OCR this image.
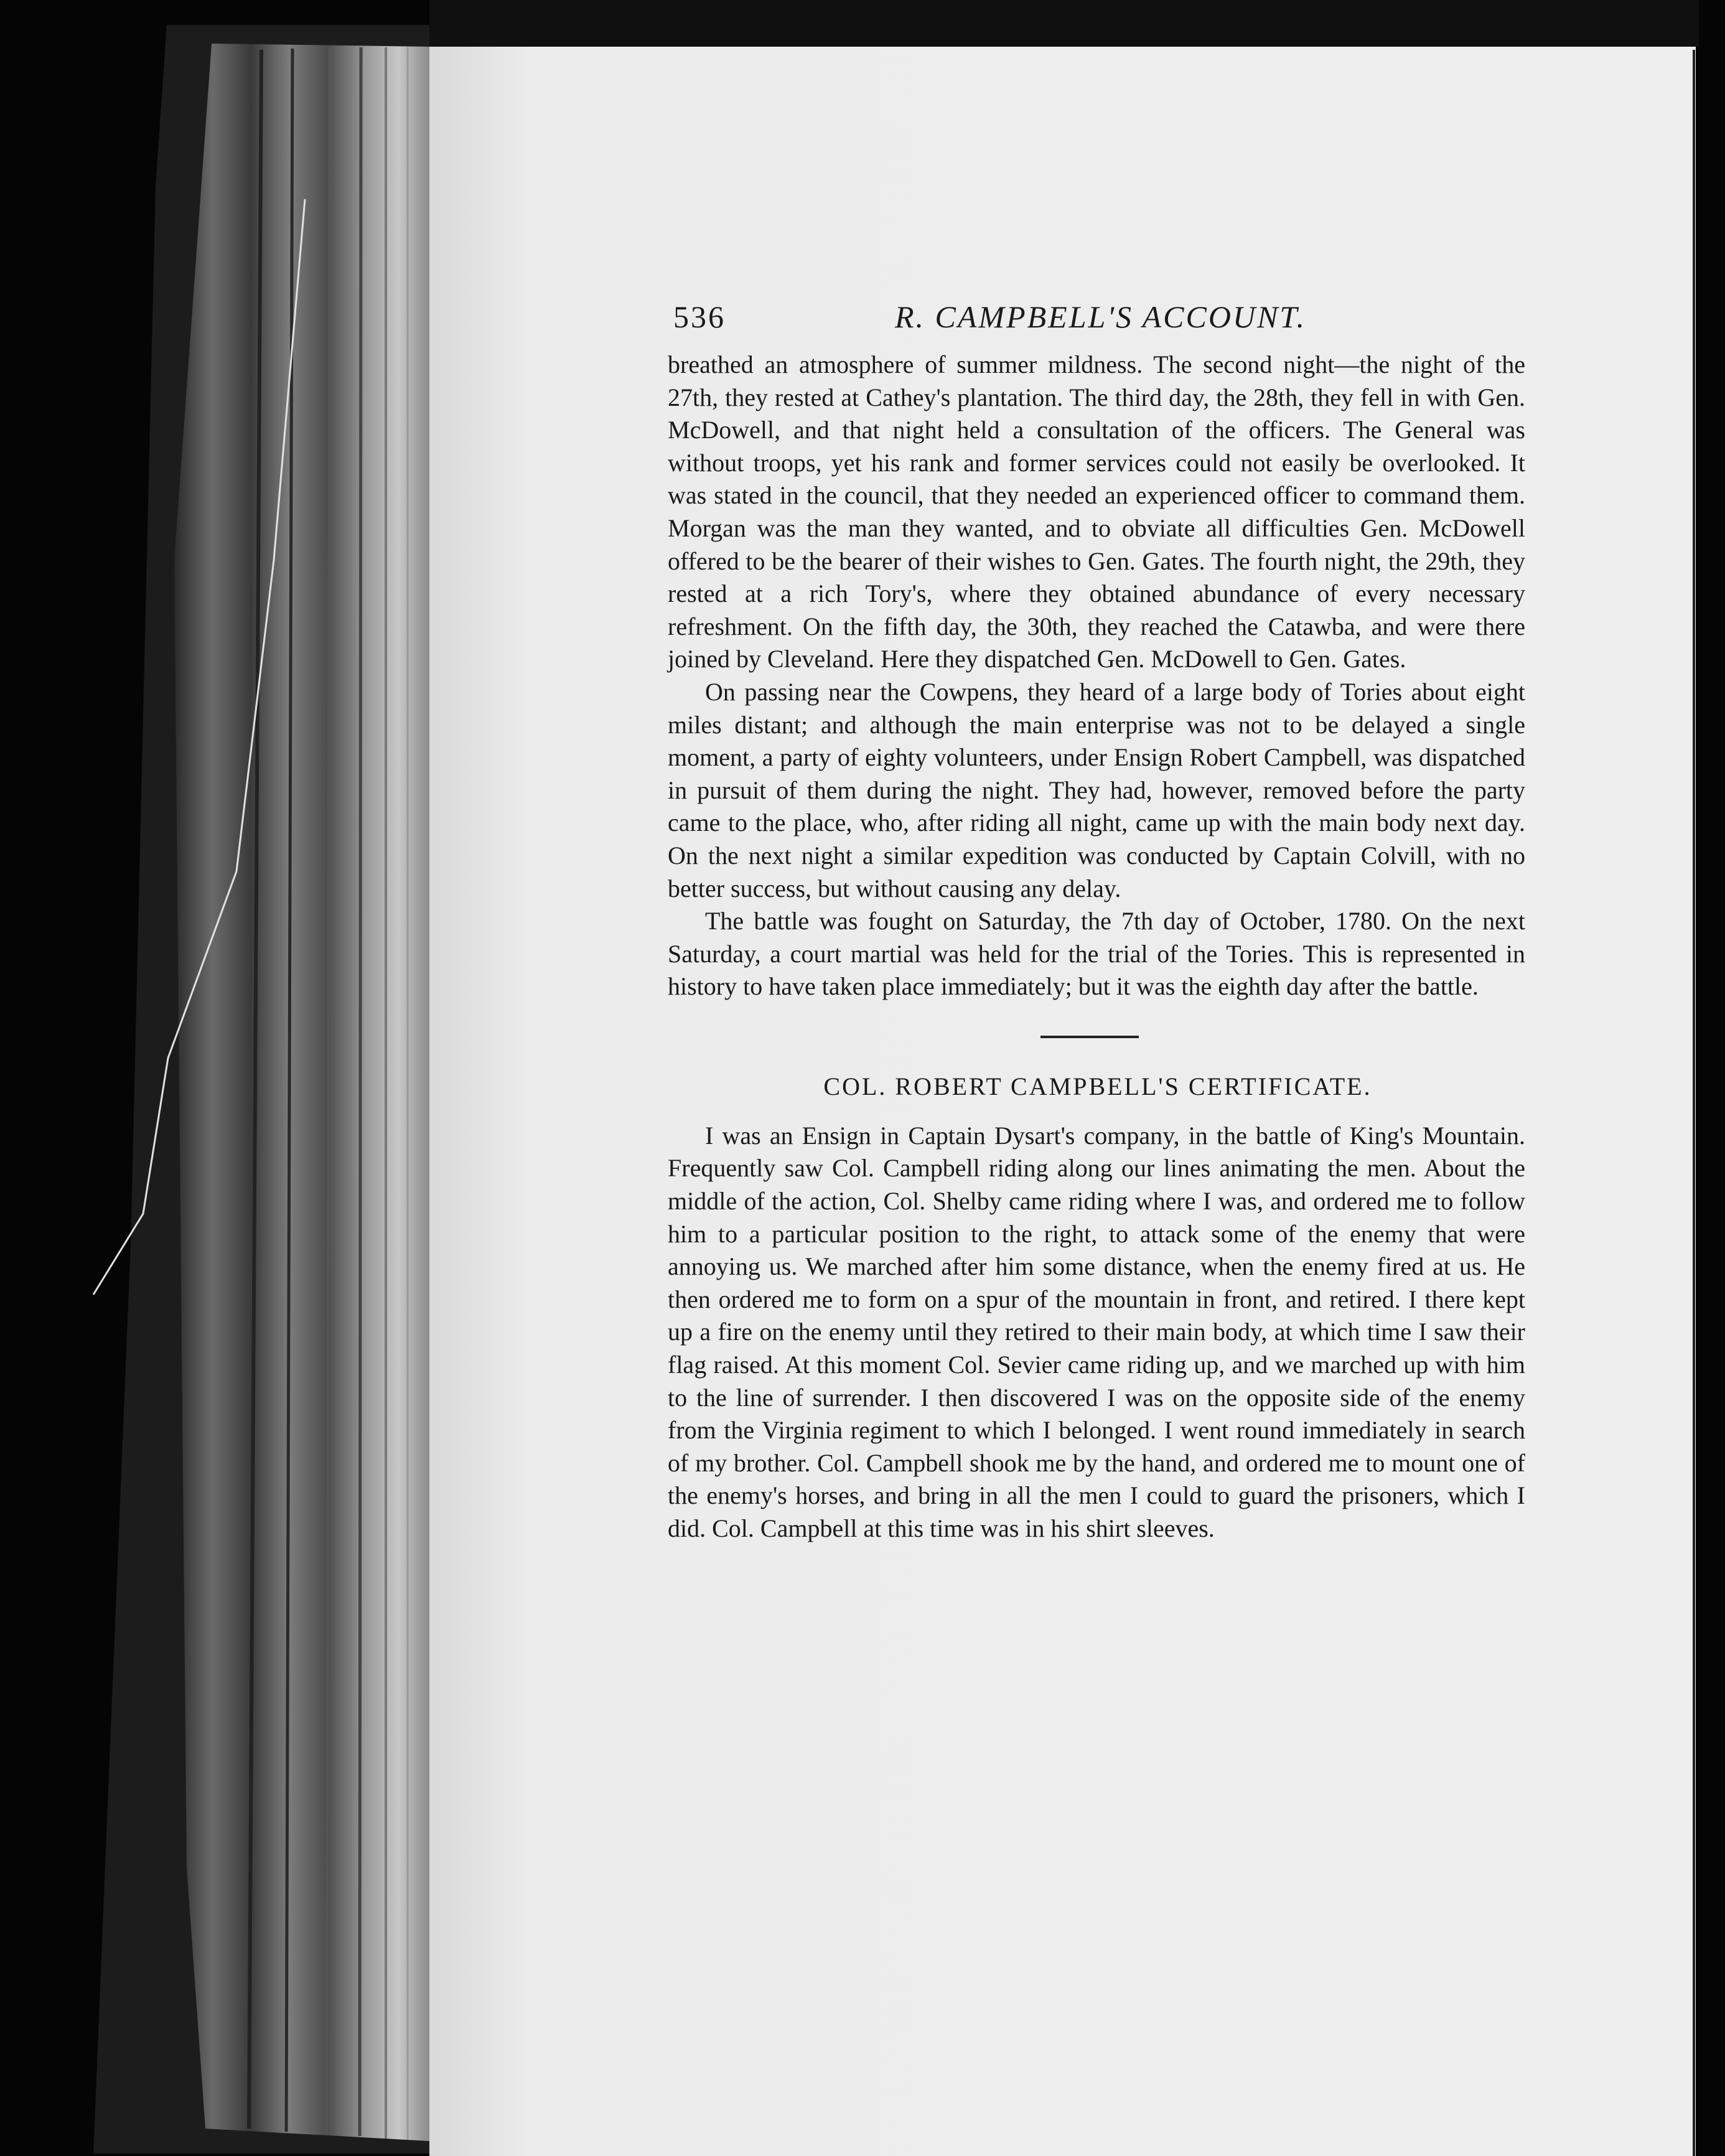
536	R. CAMPBELL'S ACCOUNT.

breathed an atmosphere of summer mildness. The second night—the night of the 27th, they rested at Cathey's plantation. The third day, the 28th, they fell in with Gen. McDowell, and that night held a consultation of the officers. The General was without troops, yet his rank and former services could not easily be overlooked. It was stated in the council, that they needed an experienced officer to command them. Morgan was the man they wanted, and to obviate all difficulties Gen. McDowell offered to be the bearer of their wishes to Gen. Gates. The fourth night, the 29th, they rested at a rich Tory's, where they obtained abundance of every necessary refreshment. On the fifth day, the 30th, they reached the Catawba, and were there joined by Cleveland. Here they dispatched Gen. McDowell to Gen. Gates.

On passing near the Cowpens, they heard of a large body of Tories about eight miles distant; and although the main enterprise was not to be delayed a single moment, a party of eighty volunteers, under Ensign Robert Campbell, was dispatched in pursuit of them during the night. They had, however, removed before the party came to the place, who, after riding all night, came up with the main body next day. On the next night a similar expedition was conducted by Captain Colvill, with no better success, but without causing any delay.

The battle was fought on Saturday, the 7th day of October, 1780. On the next Saturday, a court martial was held for the trial of the Tories. This is represented in history to have taken place immediately; but it was the eighth day after the battle.

COL. ROBERT CAMPBELL'S CERTIFICATE.

I was an Ensign in Captain Dysart's company, in the battle of King's Mountain. Frequently saw Col. Campbell riding along our lines animating the men. About the middle of the action, Col. Shelby came riding where I was, and ordered me to follow him to a particular position to the right, to attack some of the enemy that were annoying us. We marched after him some distance, when the enemy fired at us. He then ordered me to form on a spur of the mountain in front, and retired. I there kept up a fire on the enemy until they retired to their main body, at which time I saw their flag raised. At this moment Col. Sevier came riding up, and we marched up with him to the line of surrender. I then discovered I was on the opposite side of the enemy from the Virginia regiment to which I belonged. I went round immediately in search of my brother. Col. Campbell shook me by the hand, and ordered me to mount one of the enemy's horses, and bring in all the men I could to guard the prisoners, which I did. Col. Campbell at this time was in his shirt sleeves.
